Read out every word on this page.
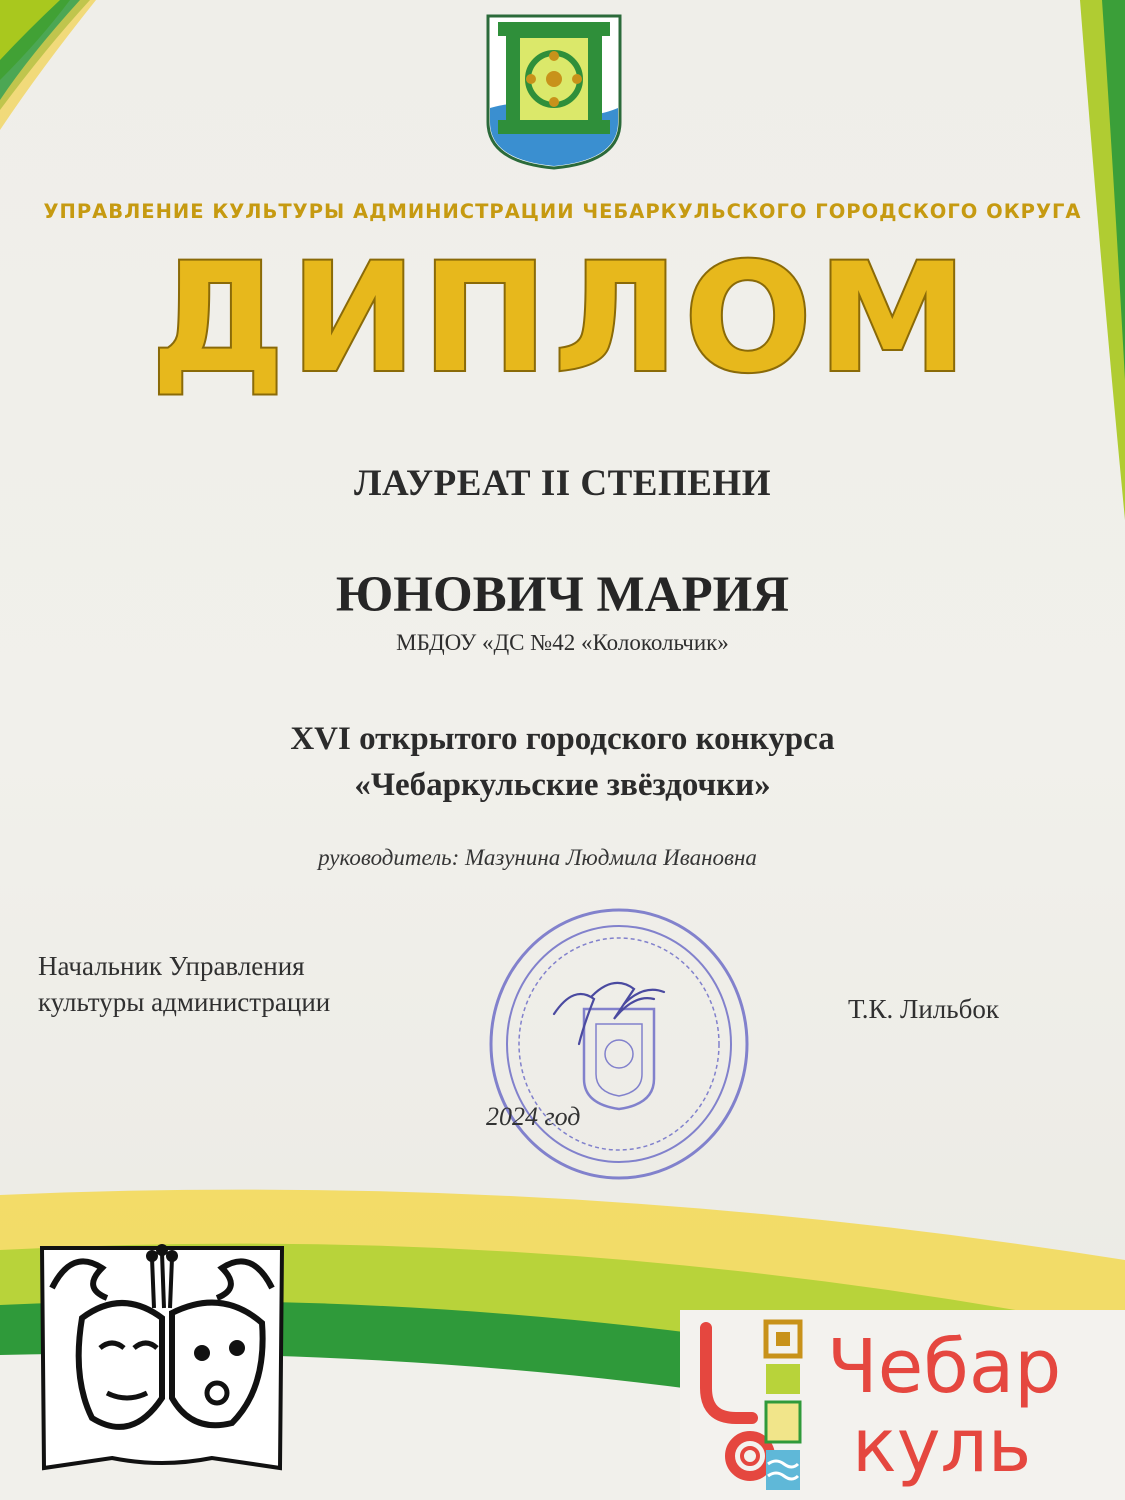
УПРАВЛЕНИЕ КУЛЬТУРЫ АДМИНИСТРАЦИИ ЧЕБАРКУЛЬСКОГО ГОРОДСКОГО ОКРУГА
ДИПЛОМ
ЛАУРЕАТ II СТЕПЕНИ
ЮНОВИЧ МАРИЯ
МБДОУ «ДС №42 «Колокольчик»
XVI открытого городского конкурса
«Чебаркульские звёздочки»
руководитель: Мазунина Людмила Ивановна
Начальник Управления
культуры администрации	Т.К. Лильбок
2024 год
Чебар
куль
